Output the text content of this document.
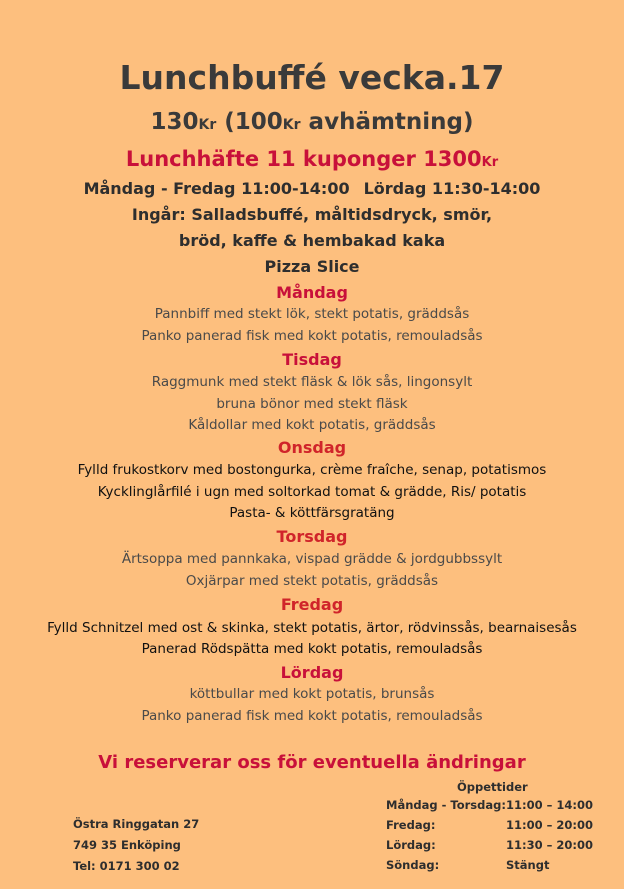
Lunchbuffé vecka.17
130Kr (100Kr avhämtning)
Lunchhäfte 11 kuponger 1300Kr
Måndag - Fredag 11:00-14:00 Lördag 11:30-14:00
Ingår: Salladsbuffé, måltidsdryck, smör,
bröd, kaffe & hembakad kaka
Pizza Slice
Måndag
Pannbiff med stekt lök, stekt potatis, gräddsås
Panko panerad fisk med kokt potatis, remouladsås
Tisdag
Raggmunk med stekt fläsk & lök sås, lingonsylt
bruna bönor med stekt fläsk
Kåldollar med kokt potatis, gräddsås
Onsdag
Fylld frukostkorv med bostongurka, crème fraîche, senap, potatismos
Kycklinglårfilé i ugn med soltorkad tomat & grädde, Ris/ potatis
Pasta- & köttfärsgratäng
Torsdag
Ärtsoppa med pannkaka, vispad grädde & jordgubbssylt
Oxjärpar med stekt potatis, gräddsås
Fredag
Fylld Schnitzel med ost & skinka, stekt potatis, ärtor, rödvinssås, bearnaisesås
Panerad Rödspätta med kokt potatis, remouladsås
Lördag
köttbullar med kokt potatis, brunsås
Panko panerad fisk med kokt potatis, remouladsås
Vi reserverar oss för eventuella ändringar
Östra Ringgatan 27
749 35 Enköping
Tel: 0171 300 02
Öppettider
Måndag - Torsdag: 11:00 – 14:00
Fredag:	11:00 – 20:00
Lördag:	11:30 – 20:00
Söndag:	Stängt
